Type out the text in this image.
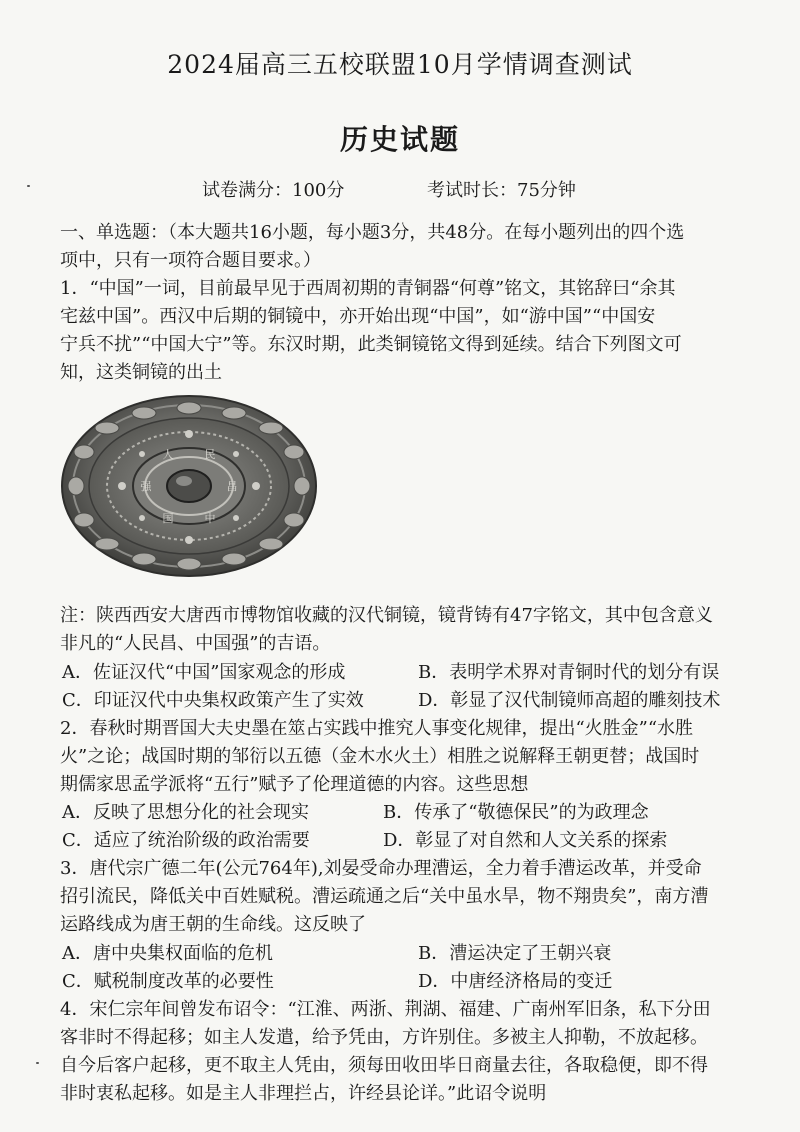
2024届高三五校联盟10月学情调查测试
历史试题
试卷满分：100分	考试时长：75分钟
一、单选题：（本大题共16小题，每小题3分，共48分。在每小题列出的四个选
项中，只有一项符合题目要求。）
1．“中国”一词，目前最早见于西周初期的青铜器“何尊”铭文，其铭辞曰“余其
宅兹中国”。西汉中后期的铜镜中，亦开始出现“中国”，如“游中国”“中国安
宁兵不扰”“中国大宁”等。东汉时期，此类铜镜铭文得到延续。结合下列图文可
知，这类铜镜的出土
人	民
昌
中
国
强
注：陕西西安大唐西市博物馆收藏的汉代铜镜，镜背铸有47字铭文，其中包含意义
非凡的“人民昌、中国强”的吉语。
A．佐证汉代“中国”国家观念的形成	B．表明学术界对青铜时代的划分有误
C．印证汉代中央集权政策产生了实效	D．彰显了汉代制镜师高超的雕刻技术
2．春秋时期晋国大夫史墨在筮占实践中推究人事变化规律，提出“火胜金”“水胜
火”之论；战国时期的邹衍以五德（金木水火土）相胜之说解释王朝更替；战国时
期儒家思孟学派将“五行”赋予了伦理道德的内容。这些思想
A．反映了思想分化的社会现实	B．传承了“敬德保民”的为政理念
C．适应了统治阶级的政治需要	D．彰显了对自然和人文关系的探索
3．唐代宗广德二年(公元764年),刘晏受命办理漕运，全力着手漕运改革，并受命
招引流民，降低关中百姓赋税。漕运疏通之后“关中虽水旱，物不翔贵矣”，南方漕
运路线成为唐王朝的生命线。这反映了
A．唐中央集权面临的危机	B．漕运决定了王朝兴衰
C．赋税制度改革的必要性	D．中唐经济格局的变迁
4．宋仁宗年间曾发布诏令：“江淮、两浙、荆湖、福建、广南州军旧条，私下分田
客非时不得起移；如主人发遣，给予凭由，方许别住。多被主人抑勒，不放起移。
自今后客户起移，更不取主人凭由，须每田收田毕日商量去往，各取稳便，即不得
非时衷私起移。如是主人非理拦占，许经县论详。”此诏令说明
